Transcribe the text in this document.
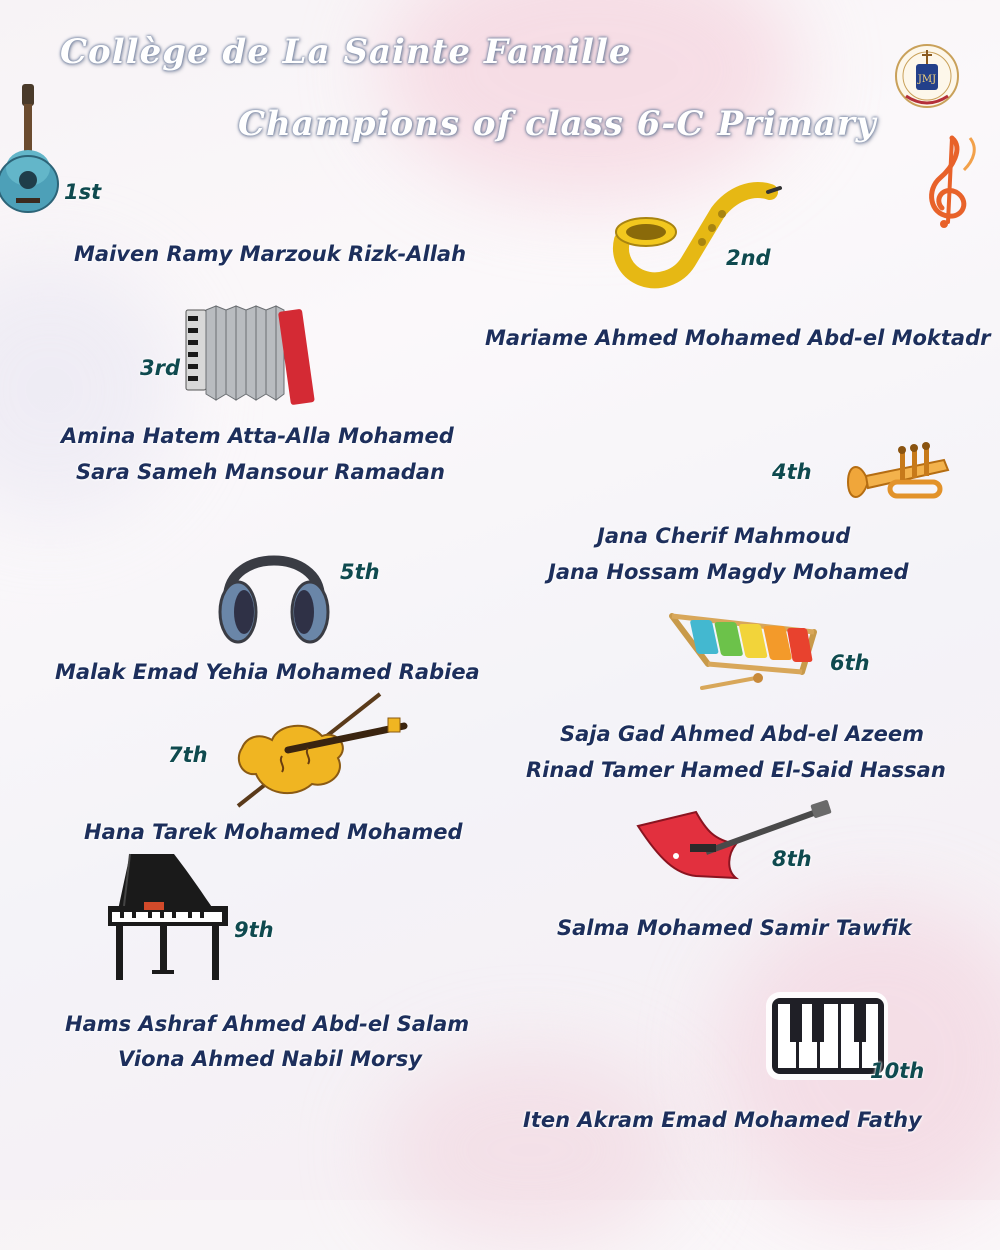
Collège de La Sainte Famille
Champions of class 6-C Primary
JMJ
1st
Maiven Ramy Marzouk Rizk-Allah	2nd
Mariame Ahmed Mohamed Abd-el Moktadr
3rd
Amina Hatem Atta-Alla Mohamed
Sara Sameh Mansour Ramadan	4th
Jana Cherif Mahmoud
Jana Hossam Magdy Mohamed
5th
Malak Emad Yehia Mohamed Rabiea	6th
Saja Gad Ahmed Abd-el Azeem
Rinad Tamer Hamed El-Said Hassan
7th
Hana Tarek Mohamed Mohamed
8th
Salma Mohamed Samir Tawfik
9th
Hams Ashraf Ahmed Abd-el Salam
Viona Ahmed Nabil Morsy	10th
Iten Akram Emad Mohamed Fathy
